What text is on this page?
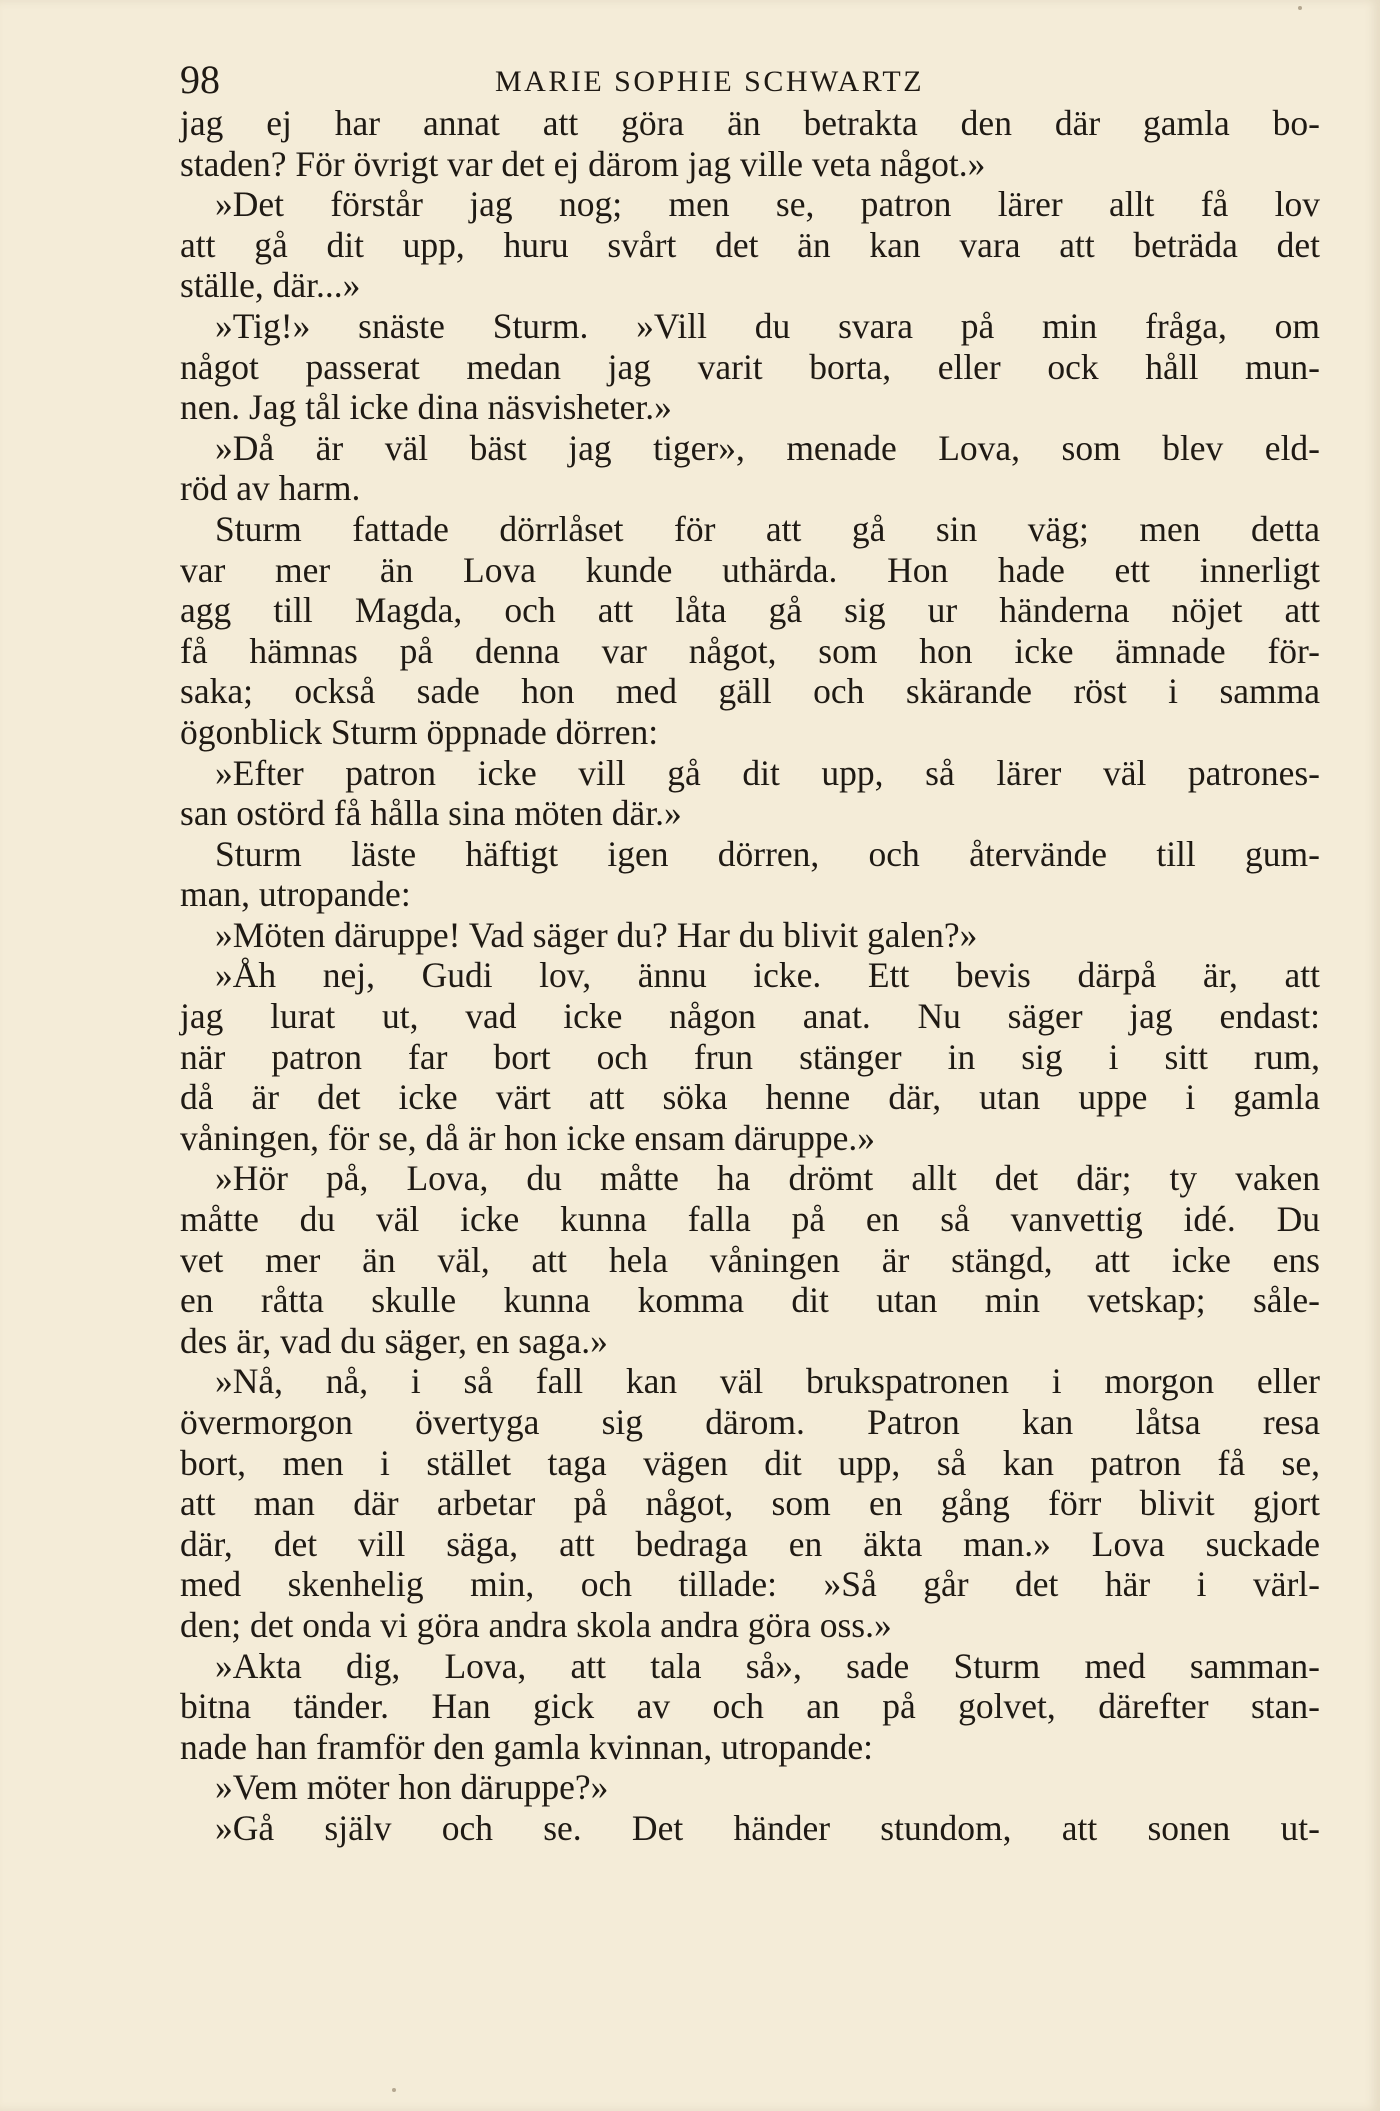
98	MARIE SOPHIE SCHWARTZ
jag ej har annat att göra än betrakta den där gamla bo-
staden? För övrigt var det ej därom jag ville veta något.»
»Det förstår jag nog; men se, patron lärer allt få lov
att gå dit upp, huru svårt det än kan vara att beträda det
ställe, där...»
»Tig!» snäste Sturm. »Vill du svara på min fråga, om
något passerat medan jag varit borta, eller ock håll mun-
nen. Jag tål icke dina näsvisheter.»
»Då är väl bäst jag tiger», menade Lova, som blev eld-
röd av harm.
Sturm fattade dörrlåset för att gå sin väg; men detta
var mer än Lova kunde uthärda. Hon hade ett innerligt
agg till Magda, och att låta gå sig ur händerna nöjet att
få hämnas på denna var något, som hon icke ämnade för-
saka; också sade hon med gäll och skärande röst i samma
ögonblick Sturm öppnade dörren:
»Efter patron icke vill gå dit upp, så lärer väl patrones-
san ostörd få hålla sina möten där.»
Sturm läste häftigt igen dörren, och återvände till gum-
man, utropande:
»Möten däruppe! Vad säger du? Har du blivit galen?»
»Åh nej, Gudi lov, ännu icke. Ett bevis därpå är, att
jag lurat ut, vad icke någon anat. Nu säger jag endast:
när patron far bort och frun stänger in sig i sitt rum,
då är det icke värt att söka henne där, utan uppe i gamla
våningen, för se, då är hon icke ensam däruppe.»
»Hör på, Lova, du måtte ha drömt allt det där; ty vaken
måtte du väl icke kunna falla på en så vanvettig idé. Du
vet mer än väl, att hela våningen är stängd, att icke ens
en råtta skulle kunna komma dit utan min vetskap; såle-
des är, vad du säger, en saga.»
»Nå, nå, i så fall kan väl brukspatronen i morgon eller
övermorgon övertyga sig därom. Patron kan låtsa resa
bort, men i stället taga vägen dit upp, så kan patron få se,
att man där arbetar på något, som en gång förr blivit gjort
där, det vill säga, att bedraga en äkta man.» Lova suckade
med skenhelig min, och tillade: »Så går det här i värl-
den; det onda vi göra andra skola andra göra oss.»
»Akta dig, Lova, att tala så», sade Sturm med samman-
bitna tänder. Han gick av och an på golvet, därefter stan-
nade han framför den gamla kvinnan, utropande:
»Vem möter hon däruppe?»
»Gå själv och se. Det händer stundom, att sonen ut-
